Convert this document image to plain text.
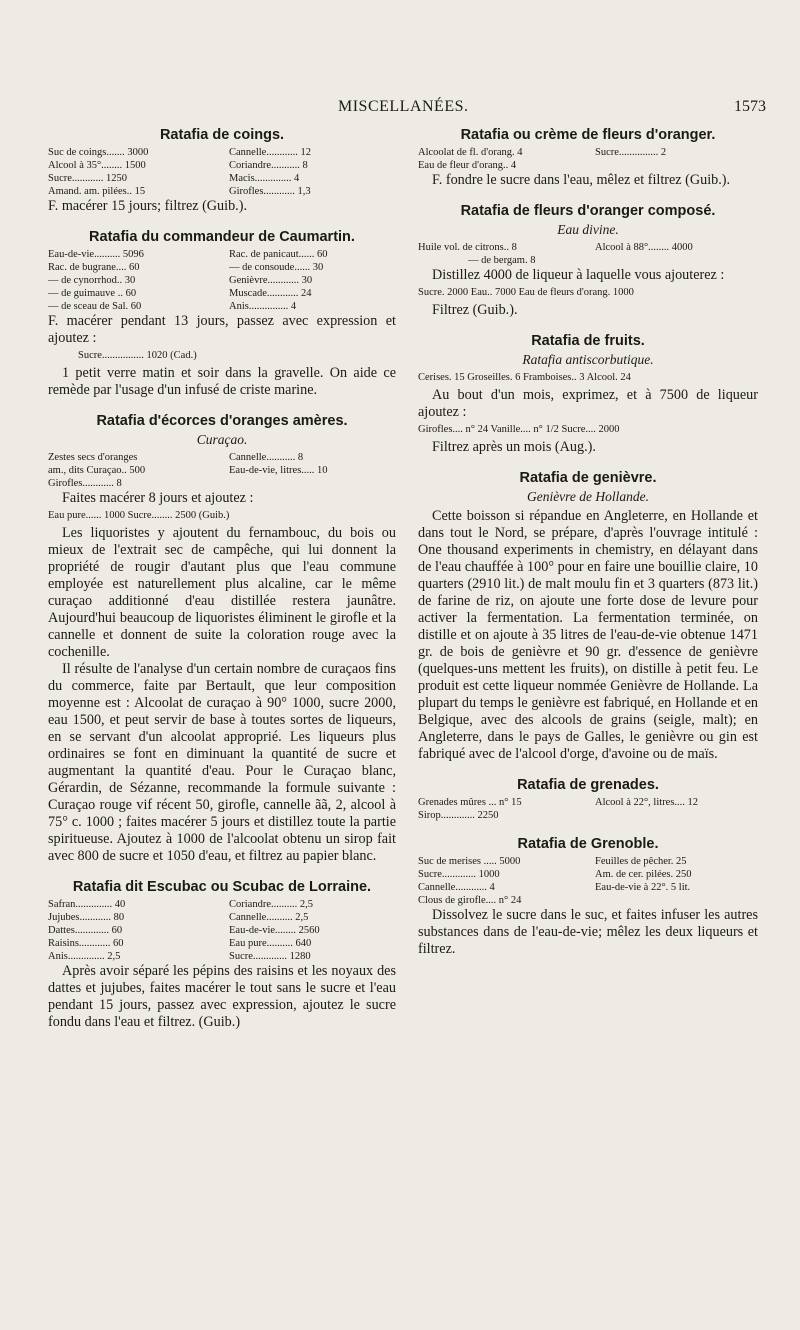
MISCELLANÉES.	1573
Ratafia de coings.
Suc de coings....... 3000	Cannelle............ 12
Alcool à 35°........ 1500	Coriandre........... 8
Sucre............ 1250	Macis.............. 4
Amand. am. pilées.. 15	Girofles............ 1,3

F. macérer 15 jours; filtrez (Guib.).

Ratafia du commandeur de Caumartin.
Eau-de-vie.......... 5096	Rac. de panicaut...... 60
Rac. de bugrane.... 60	— de consoude...... 30
— de cynorrhod.. 30	Genièvre............ 30
— de guimauve .. 60	Muscade............ 24
— de sceau de Sal. 60	Anis............... 4

F. macérer pendant 13 jours, passez avec expression et ajoutez :

Sucre................ 1020 (Cad.)

1 petit verre matin et soir dans la gravelle. On aide ce remède par l'usage d'un infusé de criste marine.

Ratafia d'écorces d'oranges amères.
Curaçao.
Zestes secs d'oranges	Cannelle........... 8
am., dits Curaçao.. 500	Eau-de-vie, litres..... 10
Girofles............ 8

Faites macérer 8 jours et ajoutez :

Eau pure...... 1000 Sucre........ 2500 (Guib.)

Les liquoristes y ajoutent du fernambouc, du bois ou mieux de l'extrait sec de campêche, qui lui donnent la propriété de rougir d'autant plus que l'eau commune employée est naturellement plus alcaline, car le même curaçao additionné d'eau distillée restera jaunâtre. Aujourd'hui beaucoup de liquoristes éliminent le girofle et la cannelle et donnent de suite la coloration rouge avec la cochenille.

Il résulte de l'analyse d'un certain nombre de curaçaos fins du commerce, faite par Bertault, que leur composition moyenne est : Alcoolat de curaçao à 90° 1000, sucre 2000, eau 1500, et peut servir de base à toutes sortes de liqueurs, en se servant d'un alcoolat approprié. Les liqueurs plus ordinaires se font en diminuant la quantité de sucre et augmentant la quantité d'eau. Pour le Curaçao blanc, Gérardin, de Sézanne, recommande la formule suivante : Curaçao rouge vif récent 50, girofle, cannelle ãã, 2, alcool à 75° c. 1000 ; faites macérer 5 jours et distillez toute la partie spiritueuse. Ajoutez à 1000 de l'alcoolat obtenu un sirop fait avec 800 de sucre et 1050 d'eau, et filtrez au papier blanc.

Ratafia dit Escubac ou Scubac de Lorraine.
Safran.............. 40	Coriandre.......... 2,5
Jujubes............ 80	Cannelle.......... 2,5
Dattes............. 60	Eau-de-vie........ 2560
Raisins............ 60	Eau pure.......... 640
Anis.............. 2,5	Sucre............. 1280

Après avoir séparé les pépins des raisins et les noyaux des dattes et jujubes, faites macérer le tout sans le sucre et l'eau pendant 15 jours, passez avec expression, ajoutez le sucre fondu dans l'eau et filtrez. (Guib.)

Ratafia ou crème de fleurs d'oranger.
Alcoolat de fl. d'orang. 4	Sucre............... 2
Eau de fleur d'orang.. 4

F. fondre le sucre dans l'eau, mêlez et filtrez (Guib.).

Ratafia de fleurs d'oranger composé.
Eau divine.
Huile vol. de citrons.. 8	Alcool à 88°........ 4000
— de bergam. 8

Distillez 4000 de liqueur à laquelle vous ajouterez :

Sucre. 2000 Eau.. 7000 Eau de fleurs d'orang. 1000

Filtrez (Guib.).

Ratafia de fruits.
Ratafia antiscorbutique.
Cerises. 15 Groseilles. 6 Framboises.. 3 Alcool. 24

Au bout d'un mois, exprimez, et à 7500 de liqueur ajoutez :

Girofles.... n° 24 Vanille.... n° 1/2 Sucre.... 2000

Filtrez après un mois (Aug.).

Ratafia de genièvre.
Genièvre de Hollande.

Cette boisson si répandue en Angleterre, en Hollande et dans tout le Nord, se prépare, d'après l'ouvrage intitulé : One thousand experiments in chemistry, en délayant dans de l'eau chauffée à 100° pour en faire une bouillie claire, 10 quarters (2910 lit.) de malt moulu fin et 3 quarters (873 lit.) de farine de riz, on ajoute une forte dose de levure pour activer la fermentation. La fermentation terminée, on distille et on ajoute à 35 litres de l'eau-de-vie obtenue 1471 gr. de bois de genièvre et 90 gr. d'essence de genièvre (quelques-uns mettent les fruits), on distille à petit feu. Le produit est cette liqueur nommée Genièvre de Hollande. La plupart du temps le genièvre est fabriqué, en Hollande et en Belgique, avec des alcools de grains (seigle, malt); en Angleterre, dans le pays de Galles, le genièvre ou gin est fabriqué avec de l'alcool d'orge, d'avoine ou de maïs.

Ratafia de grenades.
Grenades mûres ... n° 15	Alcool à 22°, litres.... 12
Sirop............. 2250
Ratafia de Grenoble.
Suc de merises ..... 5000	Feuilles de pêcher. 25
Sucre............. 1000	Am. de cer. pilées. 250
Cannelle............ 4	Eau-de-vie à 22°. 5 lit.
Clous de girofle.... n° 24

Dissolvez le sucre dans le suc, et faites infuser les autres substances dans de l'eau-de-vie; mêlez les deux liqueurs et filtrez.
